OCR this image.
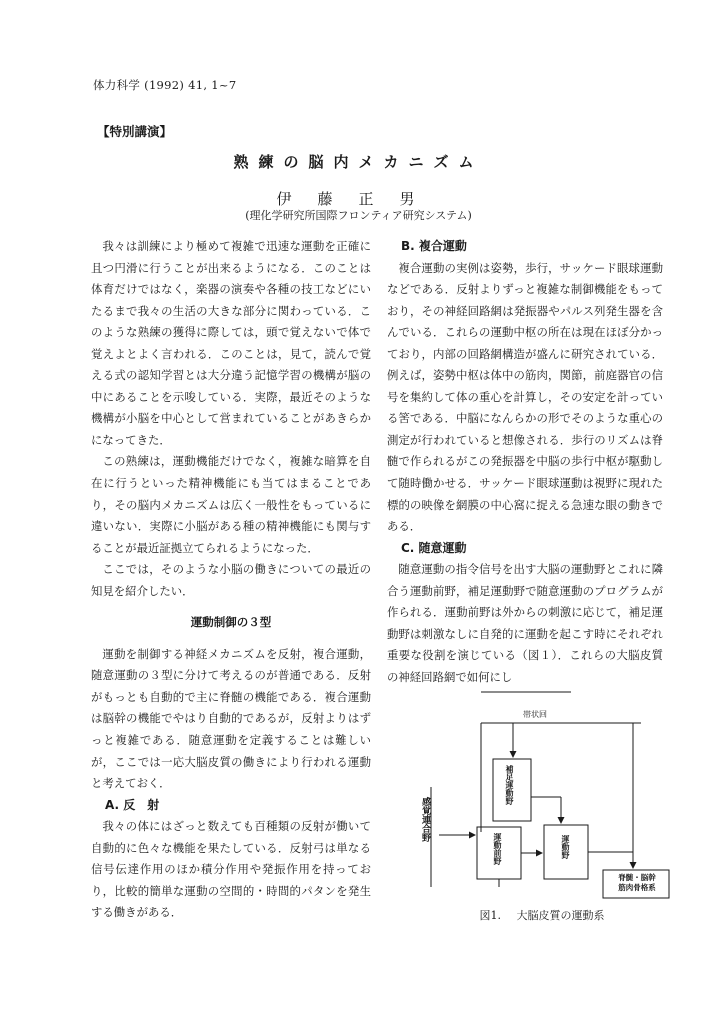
体力科学 (1992) 41, 1~7
【特別講演】
熟練の脳内メカニズム
伊藤正男
(理化学研究所国際フロンティア研究システム)

我々は訓練により極めて複雑で迅速な運動を正確に且つ円滑に行うことが出来るようになる．このことは体育だけではなく，楽器の演奏や各種の技工などにいたるまで我々の生活の大きな部分に関わっている．このような熟練の獲得に際しては，頭で覚えないで体で覚えよとよく言われる．このことは，見て，読んで覚える式の認知学習とは大分違う記憶学習の機構が脳の中にあることを示唆している．実際，最近そのような機構が小脳を中心として営まれていることがあきらかになってきた．

この熟練は，運動機能だけでなく，複雑な暗算を自在に行うといった精神機能にも当てはまることであり，その脳内メカニズムは広く一般性をもっているに違いない．実際に小脳がある種の精神機能にも関与することが最近証拠立てられるようになった．

ここでは，そのような小脳の働きについての最近の知見を紹介したい．

運動制御の３型

運動を制御する神経メカニズムを反射，複合運動，随意運動の３型に分けて考えるのが普通である．反射がもっとも自動的で主に脊髄の機能である．複合運動は脳幹の機能でやはり自動的であるが，反射よりはずっと複雑である．随意運動を定義することは難しいが，ここでは一応大脳皮質の働きにより行われる運動と考えておく．

A. 反　射

我々の体にはざっと数えても百種類の反射が働いて自動的に色々な機能を果たしている．反射弓は単なる信号伝達作用のほか積分作用や発振作用を持っており，比較的簡単な運動の空間的・時間的パタンを発生する働きがある．

B. 複合運動

複合運動の実例は姿勢，歩行，サッケード眼球運動などである．反射よりずっと複雑な制御機能をもっており，その神経回路網は発振器やパルス列発生器を含んでいる．これらの運動中枢の所在は現在ほぼ分かっており，内部の回路網構造が盛んに研究されている．例えば，姿勢中枢は体中の筋肉，関節，前庭器官の信号を集約して体の重心を計算し，その安定を計っている筈である．中脳になんらかの形でそのような重心の測定が行われていると想像される．歩行のリズムは脊髄で作られるがこの発振器を中脳の歩行中枢が駆動して随時働かせる．サッケード眼球運動は視野に現れた標的の映像を網膜の中心窩に捉える急速な眼の動きである．

C. 随意運動

随意運動の指令信号を出す大脳の運動野とこれに隣合う運動前野，補足運動野で随意運動のプログラムが作られる．運動前野は外からの刺激に応じて，補足運動野は刺激なしに自発的に運動を起こす時にそれぞれ重要な役割を演じている（図１）．これらの大脳皮質の神経回路網で如何にし

帯状回
感覚連合野
補足運動野
運動前野	運動野
脊髄・脳幹
筋肉骨格系
図1. 大脳皮質の運動系
